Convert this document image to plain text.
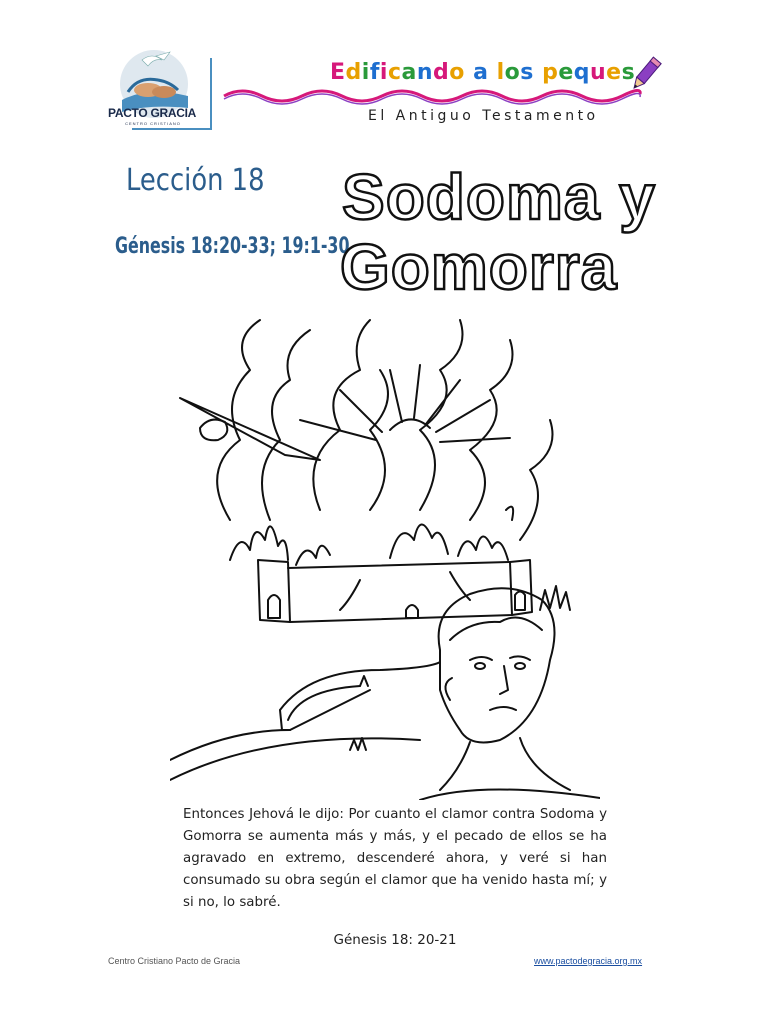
PACTO GRACIA
CENTRO CRISTIANO
Edificando a los peques
El Antiguo Testamento
Lección 18
Génesis 18:20-33; 19:1-30
Sodoma y
Gomorra
Entonces Jehová le dijo: Por cuanto el clamor contra Sodoma y Gomorra se aumenta más y más, y el pecado de ellos se ha agravado en extremo, descenderé ahora, y veré si han consumado su obra según el clamor que ha venido hasta mí; y si no, lo sabré.
Génesis 18: 20-21
Centro Cristiano Pacto de Gracia	www.pactodegracia.org.mx
